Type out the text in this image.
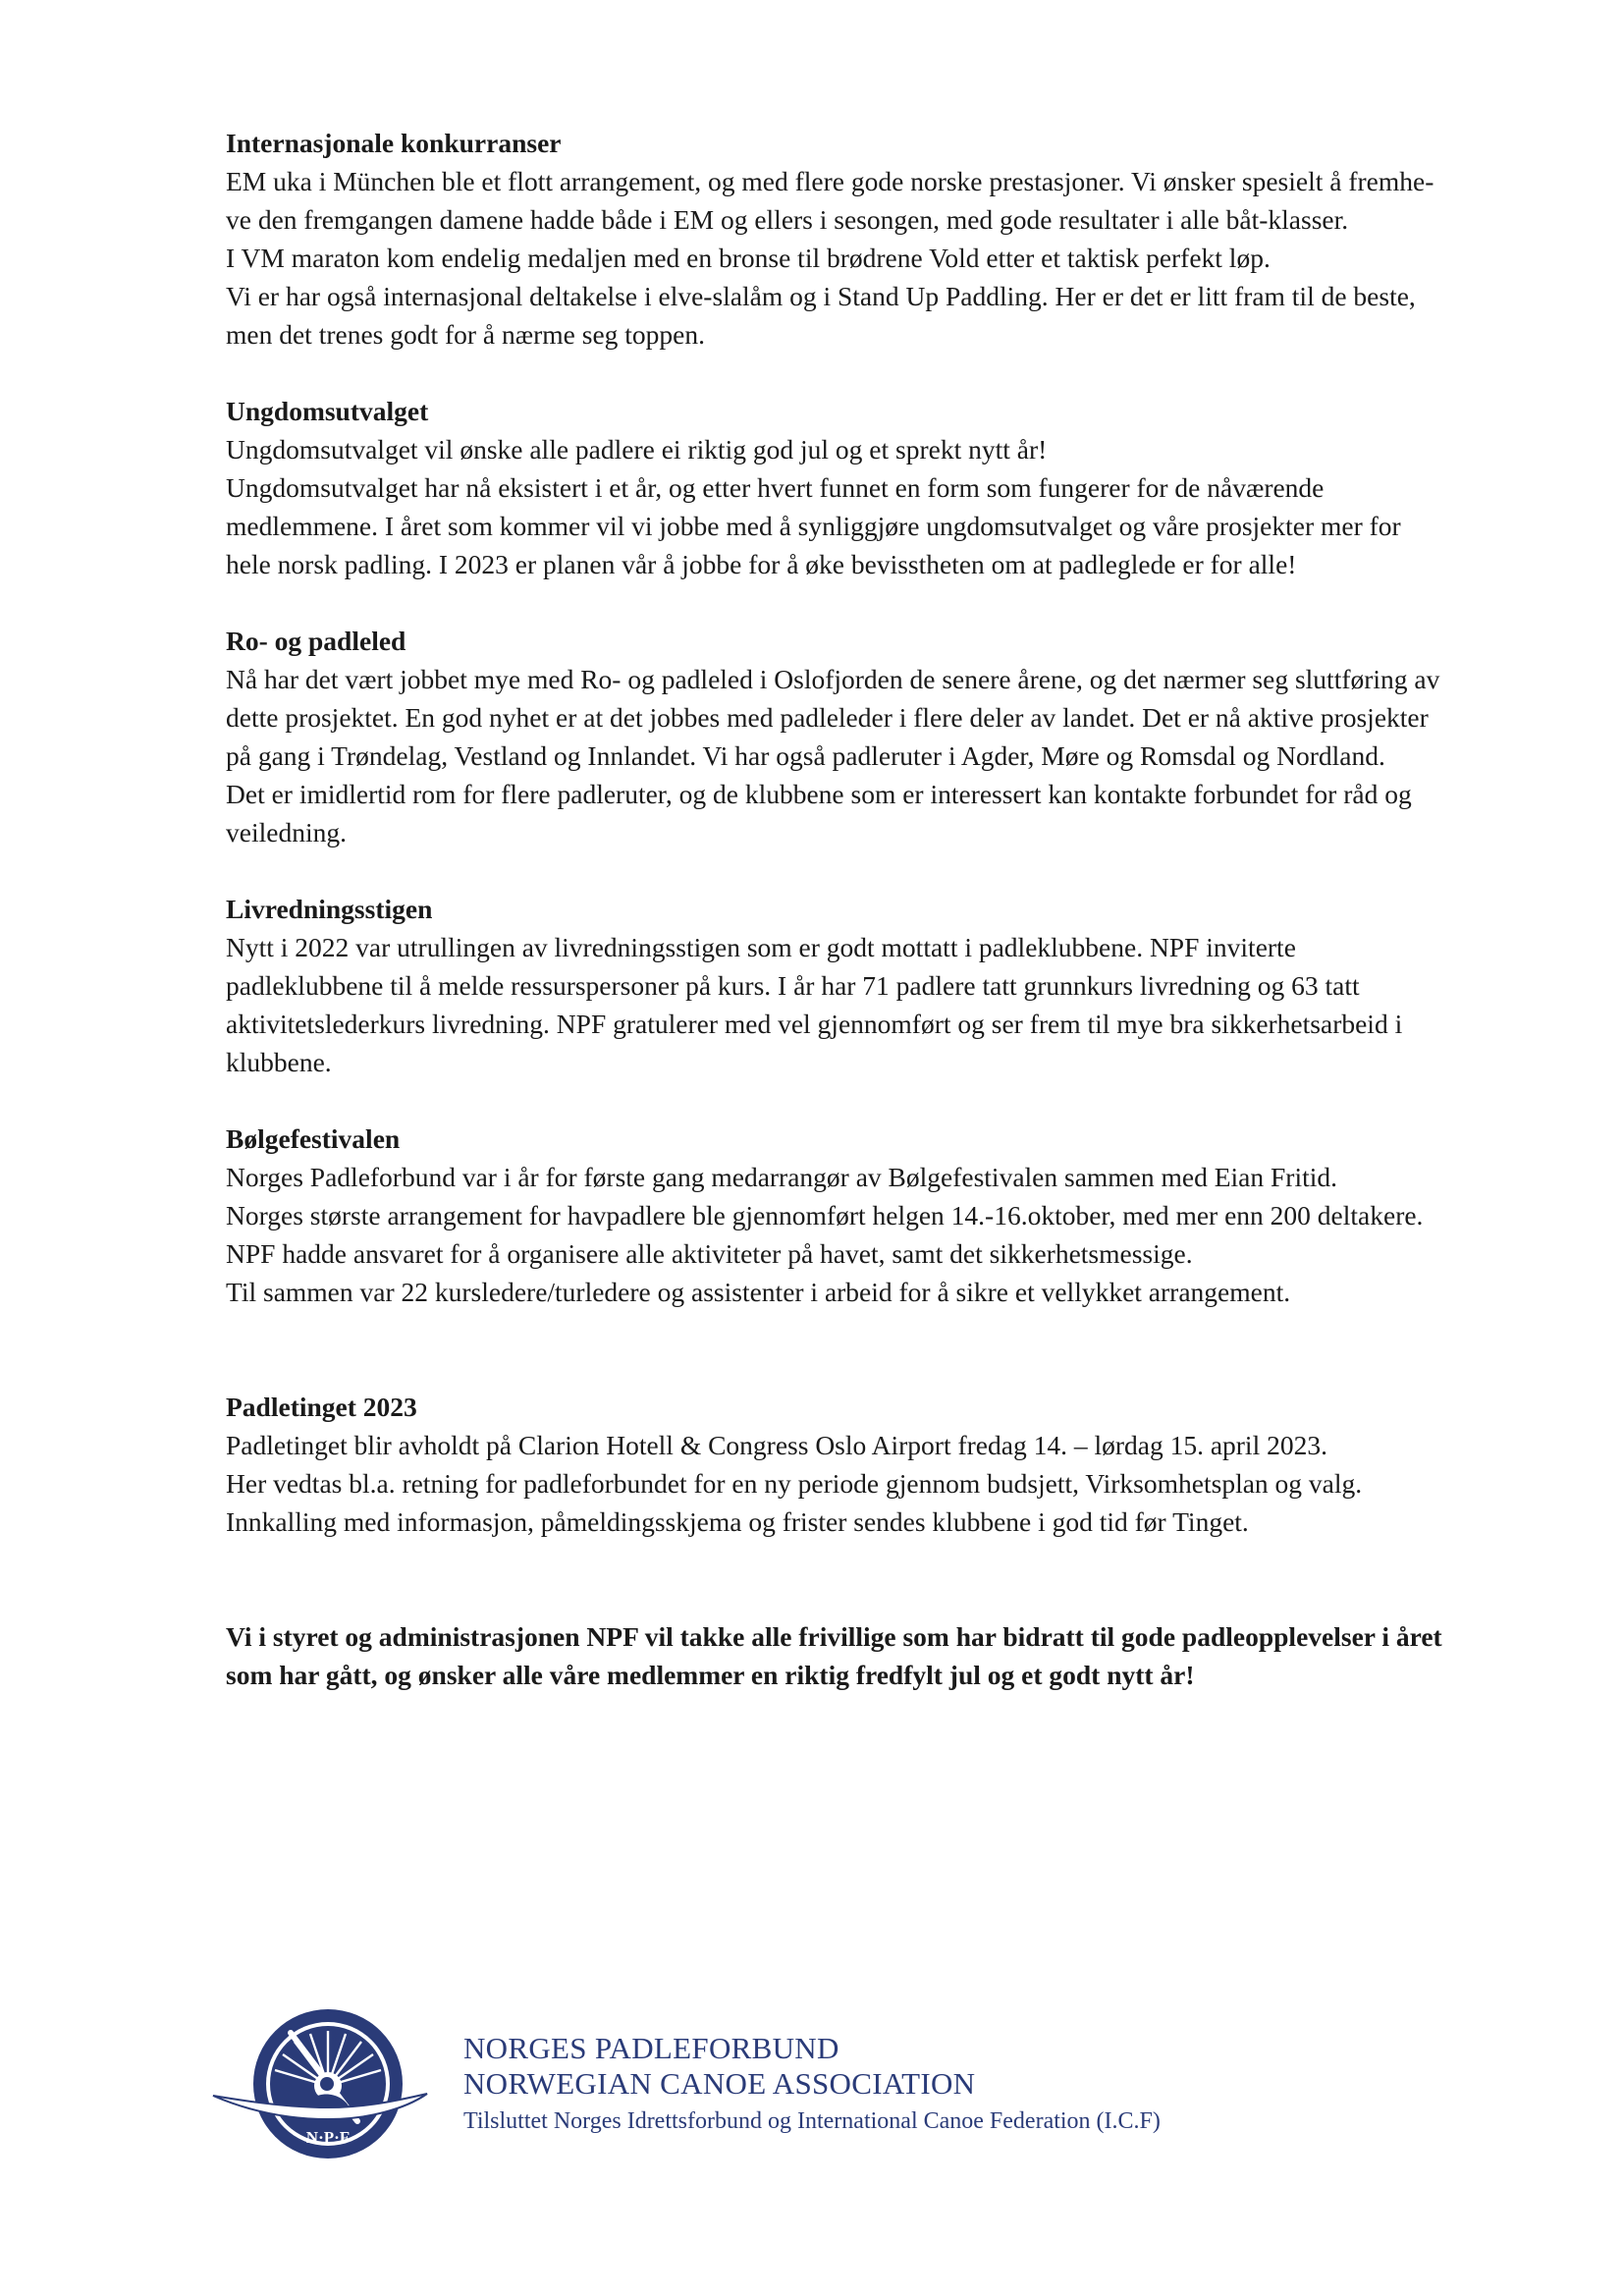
Internasjonale konkurranser
EM uka i München ble et flott arrangement, og med flere gode norske prestasjoner. Vi ønsker spesielt å fremhe-
ve den fremgangen damene hadde både i EM og ellers i sesongen, med gode resultater i alle båt-klasser.
I VM maraton kom endelig medaljen med en bronse til brødrene Vold etter et taktisk perfekt løp.
Vi er har også internasjonal deltakelse i elve-slalåm og i Stand Up Paddling. Her er det er litt fram til de beste,
men det trenes godt for å nærme seg toppen.
Ungdomsutvalget
Ungdomsutvalget vil ønske alle padlere ei riktig god jul og et sprekt nytt år!
Ungdomsutvalget har nå eksistert i et år, og etter hvert funnet en form som fungerer for de nåværende
medlemmene. I året som kommer vil vi jobbe med å synliggjøre ungdomsutvalget og våre prosjekter mer for
hele norsk padling. I 2023 er planen vår å jobbe for å øke bevisstheten om at padleglede er for alle!
Ro- og padleled
Nå har det vært jobbet mye med Ro- og padleled i Oslofjorden de senere årene, og det nærmer seg sluttføring av
dette prosjektet. En god nyhet er at det jobbes med padleleder i flere deler av landet. Det er nå aktive prosjekter
på gang i Trøndelag, Vestland og Innlandet. Vi har også padleruter i Agder, Møre og Romsdal og Nordland.
Det er imidlertid rom for flere padleruter, og de klubbene som er interessert kan kontakte forbundet for råd og
veiledning.
Livredningsstigen
Nytt i 2022 var utrullingen av livredningsstigen som er godt mottatt i padleklubbene. NPF inviterte
padleklubbene til å melde ressurspersoner på kurs. I år har 71 padlere tatt grunnkurs livredning og 63 tatt
aktivitetslederkurs livredning. NPF gratulerer med vel gjennomført og ser frem til mye bra sikkerhetsarbeid i
klubbene.
Bølgefestivalen
Norges Padleforbund var i år for første gang medarrangør av Bølgefestivalen sammen med Eian Fritid.
Norges største arrangement for havpadlere ble gjennomført helgen 14.-16.oktober, med mer enn 200 deltakere.
NPF hadde ansvaret for å organisere alle aktiviteter på havet, samt det sikkerhetsmessige.
Til sammen var 22 kursledere/turledere og assistenter i arbeid for å sikre et vellykket arrangement.
Padletinget 2023
Padletinget blir avholdt på Clarion Hotell & Congress Oslo Airport fredag 14. – lørdag 15. april 2023.
Her vedtas bl.a. retning for padleforbundet for en ny periode gjennom budsjett, Virksomhetsplan og valg.
Innkalling med informasjon, påmeldingsskjema og frister sendes klubbene i god tid før Tinget.
Vi i styret og administrasjonen NPF vil takke alle frivillige som har bidratt til gode padleopplevelser i året
som har gått, og ønsker alle våre medlemmer en riktig fredfylt jul og et godt nytt år!
N·P·F
NORGES PADLEFORBUND
NORWEGIAN CANOE ASSOCIATION
Tilsluttet Norges Idrettsforbund og International Canoe Federation (I.C.F)
